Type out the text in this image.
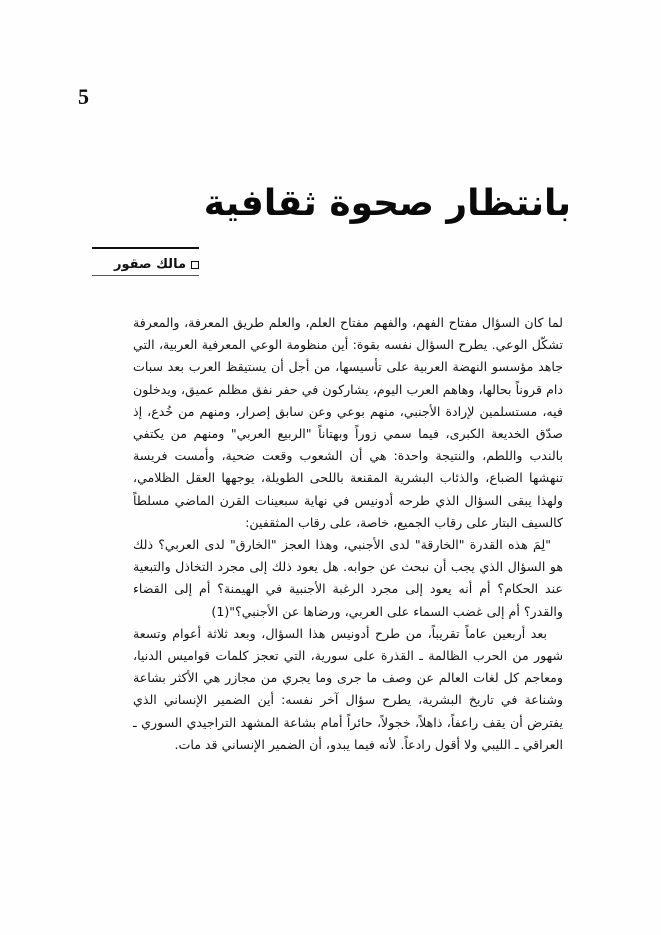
5
بانتظار صحوة ثقافية
مالك صقور

لما كان السؤال مفتاح الفهم، والفهم مفتاح العلم، والعلم طريق المعرفة، والمعرفة تشكّل الوعي. يطرح السؤال نفسه بقوة: أين منظومة الوعي المعرفية العربية، التي جاهد مؤسسو النهضة العربية على تأسيسها، من أجل أن يستيقظ العرب بعد سبات دام قروناً بحالها، وهاهم العرب اليوم، يشاركون في حفر نفق مظلم عميق، ويدخلون فيه، مستسلمين لإرادة الأجنبي، منهم بوعي وعن سابق إصرار، ومنهم من خُدع، إذ صدّق الخديعة الكبرى، فيما سمي زوراً وبهتاناً "الربيع العربي" ومنهم من يكتفي بالندب واللطم، والنتيجة واحدة: هي أن الشعوب وقعت ضحية، وأمست فريسة تنهشها الضباع، والذئاب البشرية المقنعة باللحى الطويلة، يوجهها العقل الظلامي، ولهذا يبقى السؤال الذي طرحه أدونيس في نهاية سبعينات القرن الماضي مسلطاً كالسيف البتار على رقاب الجميع، خاصة، على رقاب المثقفين:

"لِمَ هذه القدرة "الخارقة" لدى الأجنبي، وهذا العجز "الخارق" لدى العربي؟ ذلك هو السؤال الذي يجب أن نبحث عن جوابه. هل يعود ذلك إلى مجرد التخاذل والتبعية عند الحكام؟ أم أنه يعود إلى مجرد الرغبة الأجنبية في الهيمنة؟ أم إلى القضاء والقدر؟ أم إلى غضب السماء على العربي، ورضاها عن الأجنبي؟"(1)

بعد أربعين عاماً تقريباً، من طرح أدونيس هذا السؤال، وبعد ثلاثة أعوام وتسعة شهور من الحرب الظالمة ـ القذرة على سورية، التي تعجز كلمات قواميس الدنيا، ومعاجم كل لغات العالم عن وصف ما جرى وما يجري من مجازر هي الأكثر بشاعة وشناعة في تاريخ البشرية، يطرح سؤال آخر نفسه: أين الضمير الإنساني الذي يفترض أن يقف راعفاً، ذاهلاً، خجولاً، حائراً أمام بشاعة المشهد التراجيدي السوري ـ العراقي ـ الليبي ولا أقول رادعاً. لأنه فيما يبدو، أن الضمير الإنساني قد مات.
